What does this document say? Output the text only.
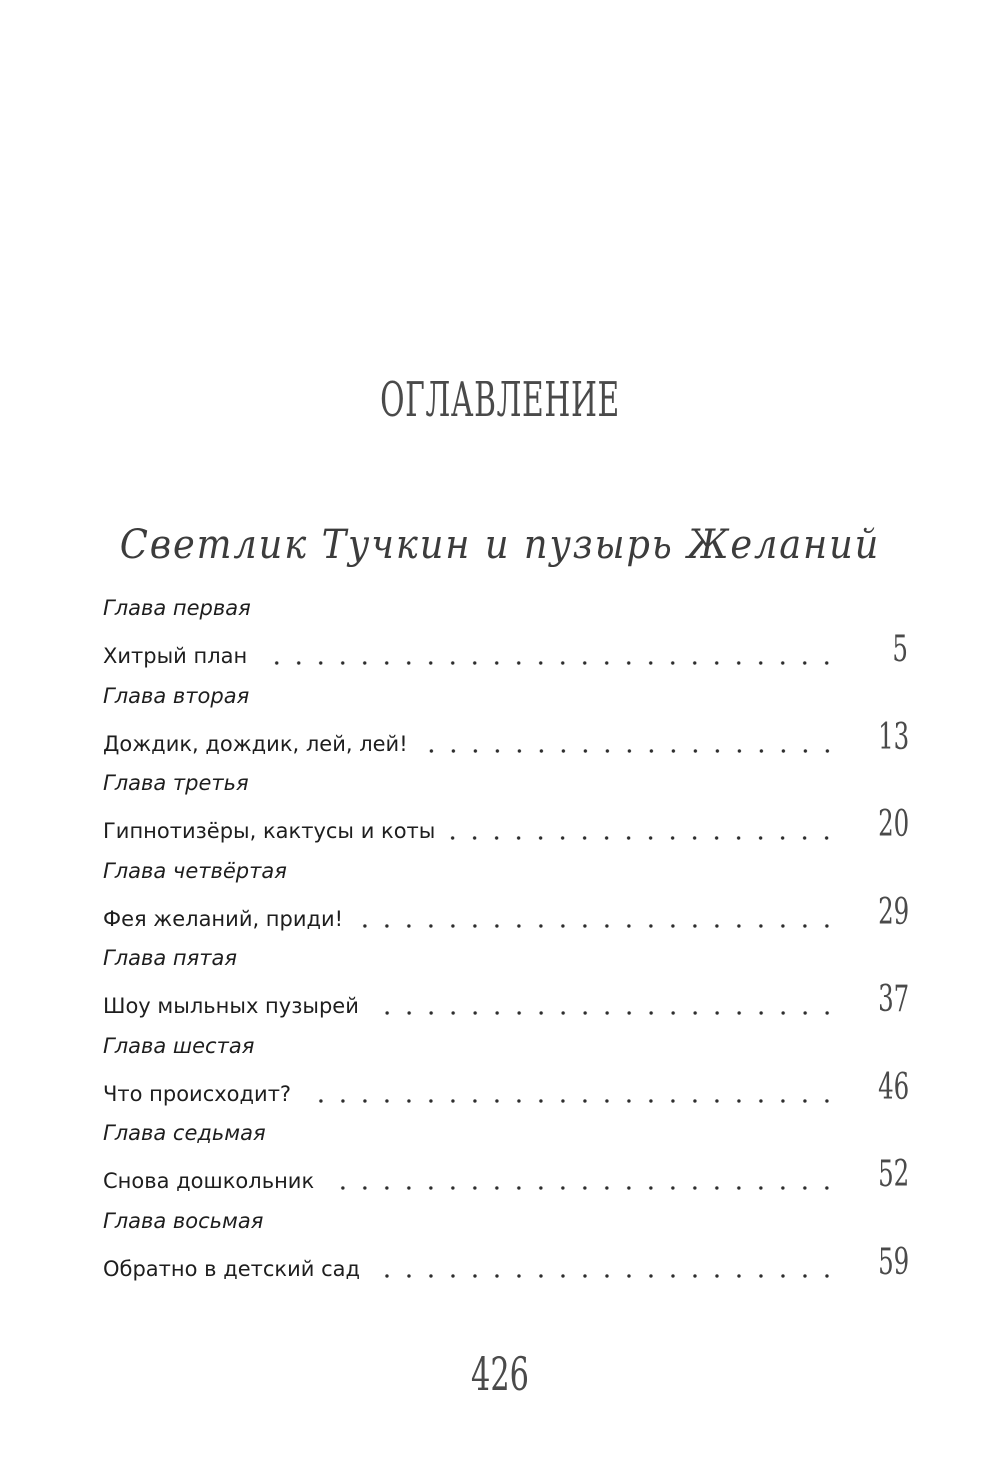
ОГЛАВЛЕНИЕ
Светлик Тучкин и пузырь Желаний
Глава первая
Хитрый план	5
Глава вторая
Дождик, дождик, лей, лей!	13
Глава третья
Гипнотизёры, кактусы и коты	20
Глава четвёртая
Фея желаний, приди!	29
Глава пятая
Шоу мыльных пузырей	37
Глава шестая
Что происходит?	46
Глава седьмая
Снова дошкольник	52
Глава восьмая
Обратно в детский сад	59
426
